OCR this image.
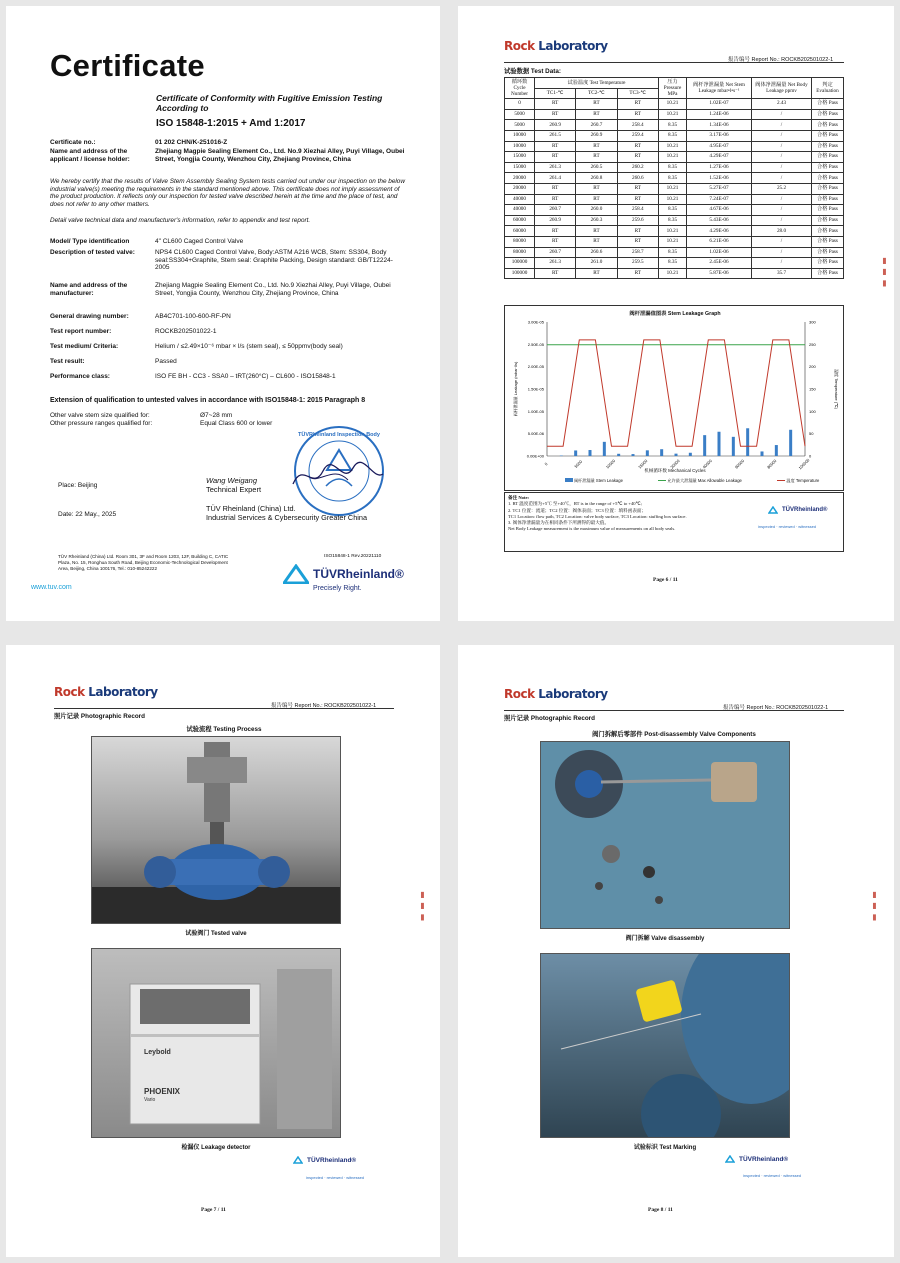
Certificate
Certificate of Conformity with Fugitive Emission Testing According to
ISO 15848-1:2015 + Amd 1:2017
Certificate no.:	01 202 CHN/K-251016-Z
Name and address of the applicant / license holder:
Zhejiang Magpie Sealing Element Co., Ltd. No.9 Xiezhai Alley, Puyi Village, Oubei Street, Yongjia County, Wenzhou City, Zhejiang Province, China
We hereby certify that the results of Valve Stem Assembly Sealing System tests carried out under our inspection on the below industrial valve(s) meeting the requirements in the standard mentioned above. This certificate does not imply assessment of the product production. It reflects only our inspection for tested valve described herein at the time and the place of test, and does not refer to any other matters.
Detail valve technical data and manufacturer's information, refer to appendix and test report.
Model/ Type identification	4" CL600 Caged Control Valve
Description of tested valve:	NPS4 CL600 Caged Control Valve, Body:ASTM A216 WCB, Stem: SS304, Body seal:SS304+Graphite, Stem seal: Graphite Packing, Design standard: GB/T12224-2005
Name and address of the manufacturer:
Zhejiang Magpie Sealing Element Co., Ltd. No.9 Xiezhai Alley, Puyi Village, Oubei Street, Yongjia County, Wenzhou City, Zhejiang Province, China
General drawing number:	AB4C701-100-600-RF-PN
Test report number:	ROCKB202501022-1
Test medium/ Criteria:	Helium / ≤2.49×10⁻⁶ mbar × l/s (stem seal), ≤ 50ppmv(body seal)
Test result:	Passed
Performance class:	ISO FE BH - CC3 - SSA0 – tRT(260°C) – CL600 - ISO15848-1
Extension of qualification to untested valves in accordance with ISO15848-1: 2015 Paragraph 8
Other valve stem size qualified for:	Ø7~28 mm
Other pressure ranges qualified for:	Equal Class 600 or lower
TÜVRheinland Inspection Body
Place: Beijing
Wang Weigang
Technical Expert
Date: 22 May., 2025
TÜV Rheinland (China) Ltd.
Industrial Services & Cybersecurity Greater China
TÜV Rheinland (China) Ltd. Room 301, 3F and Room 1203, 12F, Building C, CATIC Plaza, No. 15, Ronghua South Road, Beijing Economic-Technological Development Area, Beijing, China 100176, Tel.: 010-85242222
ISO15848-1 Rev.20221110
TÜVRheinland®
Precisely Right.
www.tuv.com
Rock Laboratory
报告编号 Report No.: ROCKB202501022-1
试验数据 Test Data:
循环数 Cycle Number	试验温度 Test Temperature			压力 Pressure MPa	阀杆净泄漏量 Net Stem Leakage mbar•l•s⁻¹	阀体净泄漏量 Net Body Leakage ppmv	判定 Evaluation
	TC1-℃	TC2-℃	TC3-℃				
0	RT	RT	RT	10.21	1.02E-07	2.43	合格 Pass
5000	RT	RT	RT	10.21	1.24E-06	/	合格 Pass
5000	260.9	260.7	258.4	8.35	1.34E-06	/	合格 Pass
10000	261.5	260.9	259.4	8.35	3.17E-06	/	合格 Pass
10000	RT	RT	RT	10.21	4.95E-07	/	合格 Pass
15000	RT	RT	RT	10.21	4.29E-07	/	合格 Pass
15000	261.3	260.5	260.2	8.35	1.27E-06	/	合格 Pass
20000	261.4	260.8	260.6	8.35	1.52E-06	/	合格 Pass
20000	RT	RT	RT	10.21	5.27E-07	25.2	合格 Pass
40000	RT	RT	RT	10.21	7.24E-07	/	合格 Pass
40000	260.7	260.0	258.4	8.35	4.67E-06	/	合格 Pass
60000	260.9	260.3	259.6	8.35	5.43E-06	/	合格 Pass
60000	RT	RT	RT	10.21	4.29E-06	28.0	合格 Pass
80000	RT	RT	RT	10.21	6.21E-06	/	合格 Pass
80000	260.7	260.6	258.7	8.35	1.02E-06	/	合格 Pass
100000	261.3	261.0	259.5	8.35	2.45E-06	/	合格 Pass
100000	RT	RT	RT	10.21	5.87E-06	35.7	合格 Pass
阀杆泄漏值图表 Stem Leakage Graph
0.00E+00
5.00E-06
1.00E-05
1.50E-05
2.00E-05
2.50E-05
3.00E-05
0
50
100
150
200
250
300
阀杆泄漏量 Leakage (mbar·l/s)	温度 Temperature (℃)
0	5000	10000	15000	20000	40000	60000	80000	100000
机械循环数 Mechanical Cycles
阀杆泄漏量 Stem Leakage	允许最大泄漏量 Max Allowable Leakage	温度 Temperature
备注 Note:
1. RT 温度范围为+5℃ 至+40℃，RT is in the range of +5℃ to +40℃;
2. TC1 位置：流道；TC2 位置：阀体表面；TC3 位置：填料函表面；
TC1 Location: flow path, TC2 Location: valve body surface, TC3 Location: stuffing box surface.
3. 阀体净泄漏量为在相同条件下所测得的最大值。
Net Body Leakage measurement is the maximum value of measurements on all body seals.
TÜVRheinland®
inspected · reviewed · witnessed
Page 6 / 11
▮ ▮ ▮
Rock Laboratory
报告编号 Report No.: ROCKB202501022-1
照片记录 Photographic Record
试验流程 Testing Process
试验阀门 Tested valve
Leybold
PHOENIX
Vario
检漏仪 Leakage detector
TÜVRheinland®
inspected · reviewed · witnessed
Page 7 / 11
▮ ▮ ▮
Rock Laboratory
报告编号 Report No.: ROCKB202501022-1
照片记录 Photographic Record
阀门拆解后零部件 Post-disassembly Valve Components
阀门拆解 Valve disassembly
试验标识 Test Marking
TÜVRheinland®
inspected · reviewed · witnessed
Page 8 / 11
▮ ▮ ▮
